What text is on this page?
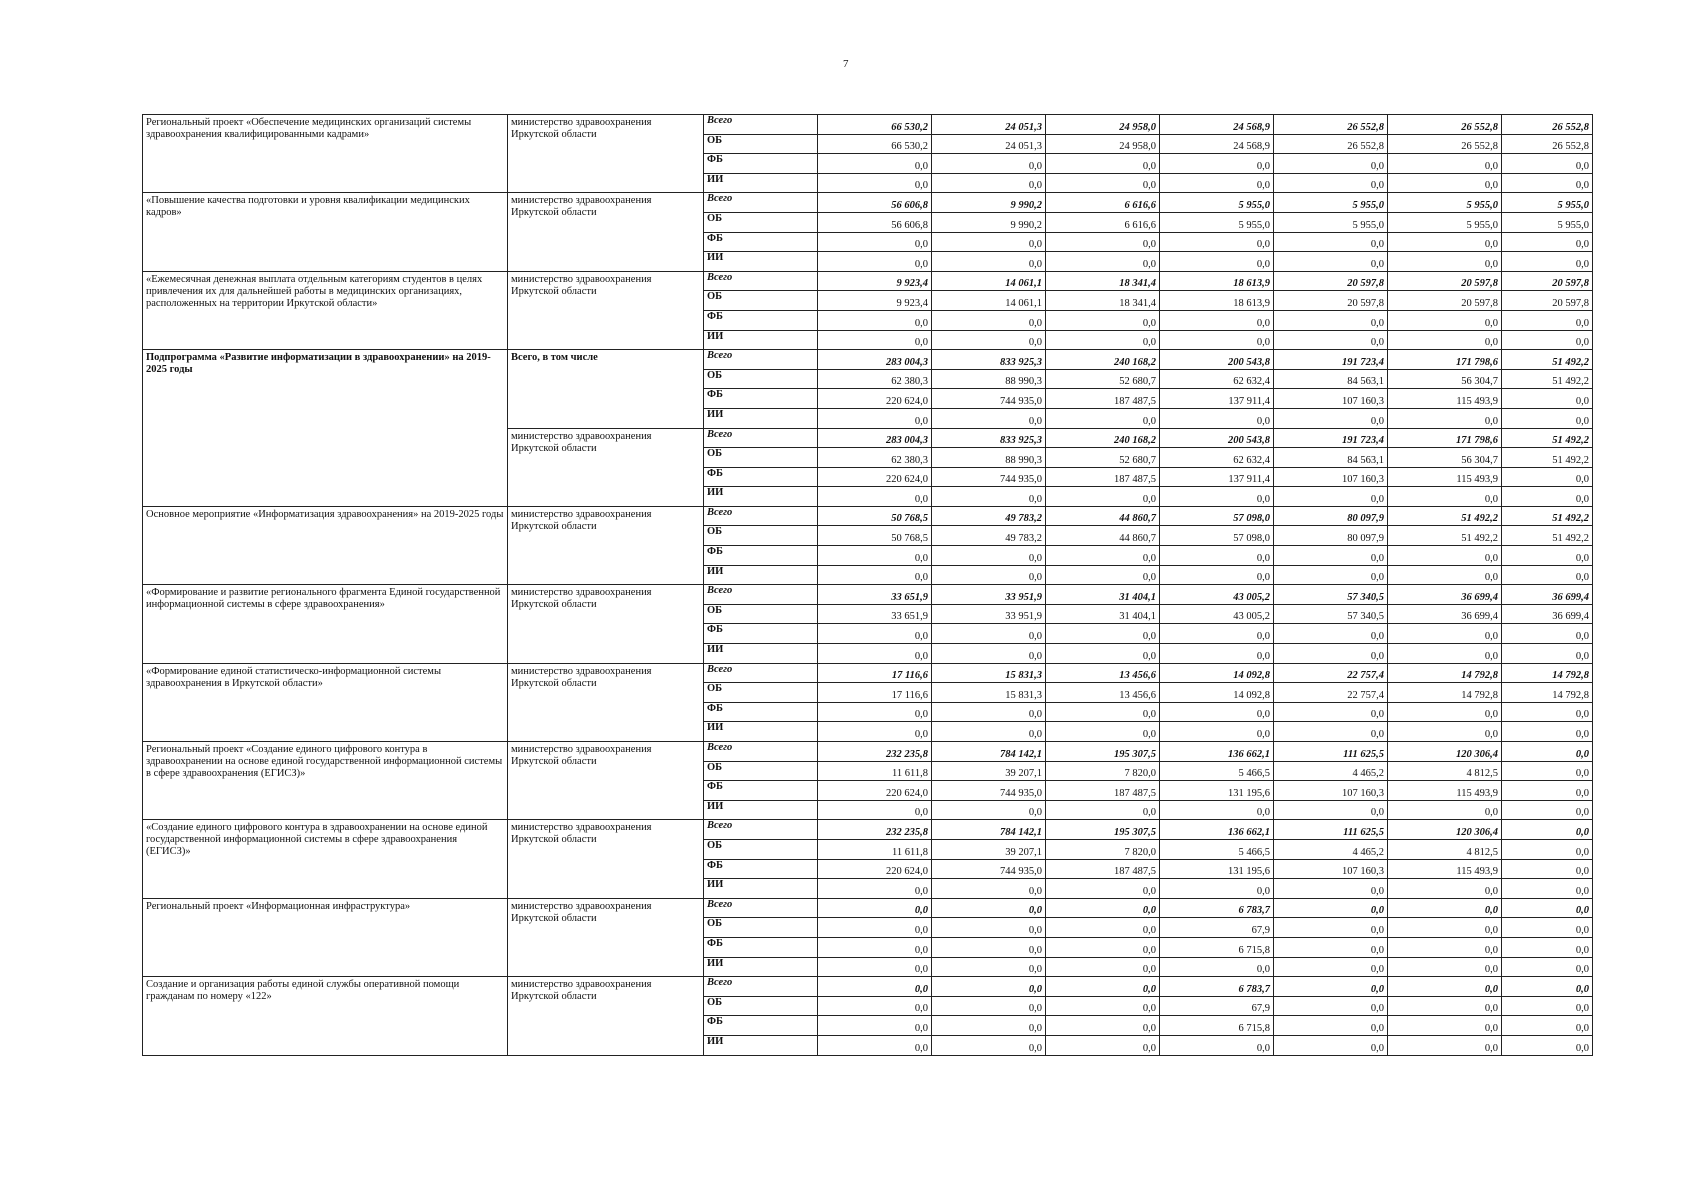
7
Региональный проект «Обеспечение медицинских организаций системы здравоохранения квалифицированными кадрами»	министерство здравоохранения Иркутской области	Всего	66 530,2	24 051,3	24 958,0	24 568,9	26 552,8	26 552,8	26 552,8
		ОБ	66 530,2	24 051,3	24 958,0	24 568,9	26 552,8	26 552,8	26 552,8
		ФБ	0,0	0,0	0,0	0,0	0,0	0,0	0,0
		ИИ	0,0	0,0	0,0	0,0	0,0	0,0	0,0
«Повышение качества подготовки и уровня квалификации медицинских кадров»	министерство здравоохранения Иркутской области	Всего	56 606,8	9 990,2	6 616,6	5 955,0	5 955,0	5 955,0	5 955,0
		ОБ	56 606,8	9 990,2	6 616,6	5 955,0	5 955,0	5 955,0	5 955,0
		ФБ	0,0	0,0	0,0	0,0	0,0	0,0	0,0
		ИИ	0,0	0,0	0,0	0,0	0,0	0,0	0,0
«Ежемесячная денежная выплата отдельным категориям студентов в целях привлечения их для дальнейшей работы в медицинских организациях, расположенных на территории Иркутской области»	министерство здравоохранения Иркутской области	Всего	9 923,4	14 061,1	18 341,4	18 613,9	20 597,8	20 597,8	20 597,8
		ОБ	9 923,4	14 061,1	18 341,4	18 613,9	20 597,8	20 597,8	20 597,8
		ФБ	0,0	0,0	0,0	0,0	0,0	0,0	0,0
		ИИ	0,0	0,0	0,0	0,0	0,0	0,0	0,0
Подпрограмма «Развитие информатизации в здравоохранении» на 2019-2025 годы	Всего, в том числе	Всего	283 004,3	833 925,3	240 168,2	200 543,8	191 723,4	171 798,6	51 492,2
		ОБ	62 380,3	88 990,3	52 680,7	62 632,4	84 563,1	56 304,7	51 492,2
		ФБ	220 624,0	744 935,0	187 487,5	137 911,4	107 160,3	115 493,9	0,0
		ИИ	0,0	0,0	0,0	0,0	0,0	0,0	0,0
	министерство здравоохранения Иркутской области	Всего	283 004,3	833 925,3	240 168,2	200 543,8	191 723,4	171 798,6	51 492,2
		ОБ	62 380,3	88 990,3	52 680,7	62 632,4	84 563,1	56 304,7	51 492,2
		ФБ	220 624,0	744 935,0	187 487,5	137 911,4	107 160,3	115 493,9	0,0
		ИИ	0,0	0,0	0,0	0,0	0,0	0,0	0,0
Основное мероприятие «Информатизация здравоохранения» на 2019-2025 годы	министерство здравоохранения Иркутской области	Всего	50 768,5	49 783,2	44 860,7	57 098,0	80 097,9	51 492,2	51 492,2
		ОБ	50 768,5	49 783,2	44 860,7	57 098,0	80 097,9	51 492,2	51 492,2
		ФБ	0,0	0,0	0,0	0,0	0,0	0,0	0,0
		ИИ	0,0	0,0	0,0	0,0	0,0	0,0	0,0
«Формирование и развитие регионального фрагмента Единой государственной информационной системы в сфере здравоохранения»	министерство здравоохранения Иркутской области	Всего	33 651,9	33 951,9	31 404,1	43 005,2	57 340,5	36 699,4	36 699,4
		ОБ	33 651,9	33 951,9	31 404,1	43 005,2	57 340,5	36 699,4	36 699,4
		ФБ	0,0	0,0	0,0	0,0	0,0	0,0	0,0
		ИИ	0,0	0,0	0,0	0,0	0,0	0,0	0,0
«Формирование единой статистическо-информационной системы здравоохранения в Иркутской области»	министерство здравоохранения Иркутской области	Всего	17 116,6	15 831,3	13 456,6	14 092,8	22 757,4	14 792,8	14 792,8
		ОБ	17 116,6	15 831,3	13 456,6	14 092,8	22 757,4	14 792,8	14 792,8
		ФБ	0,0	0,0	0,0	0,0	0,0	0,0	0,0
		ИИ	0,0	0,0	0,0	0,0	0,0	0,0	0,0
Региональный проект «Создание единого цифрового контура в здравоохранении на основе единой государственной информационной системы в сфере здравоохранения (ЕГИСЗ)»	министерство здравоохранения Иркутской области	Всего	232 235,8	784 142,1	195 307,5	136 662,1	111 625,5	120 306,4	0,0
		ОБ	11 611,8	39 207,1	7 820,0	5 466,5	4 465,2	4 812,5	0,0
		ФБ	220 624,0	744 935,0	187 487,5	131 195,6	107 160,3	115 493,9	0,0
		ИИ	0,0	0,0	0,0	0,0	0,0	0,0	0,0
«Создание единого цифрового контура в здравоохранении на основе единой государственной информационной системы в сфере здравоохранения (ЕГИСЗ)»	министерство здравоохранения Иркутской области	Всего	232 235,8	784 142,1	195 307,5	136 662,1	111 625,5	120 306,4	0,0
		ОБ	11 611,8	39 207,1	7 820,0	5 466,5	4 465,2	4 812,5	0,0
		ФБ	220 624,0	744 935,0	187 487,5	131 195,6	107 160,3	115 493,9	0,0
		ИИ	0,0	0,0	0,0	0,0	0,0	0,0	0,0
Региональный проект «Информационная инфраструктура»	министерство здравоохранения Иркутской области	Всего	0,0	0,0	0,0	6 783,7	0,0	0,0	0,0
		ОБ	0,0	0,0	0,0	67,9	0,0	0,0	0,0
		ФБ	0,0	0,0	0,0	6 715,8	0,0	0,0	0,0
		ИИ	0,0	0,0	0,0	0,0	0,0	0,0	0,0
Создание и организация работы единой службы оперативной помощи гражданам по номеру «122»	министерство здравоохранения Иркутской области	Всего	0,0	0,0	0,0	6 783,7	0,0	0,0	0,0
		ОБ	0,0	0,0	0,0	67,9	0,0	0,0	0,0
		ФБ	0,0	0,0	0,0	6 715,8	0,0	0,0	0,0
		ИИ	0,0	0,0	0,0	0,0	0,0	0,0	0,0
